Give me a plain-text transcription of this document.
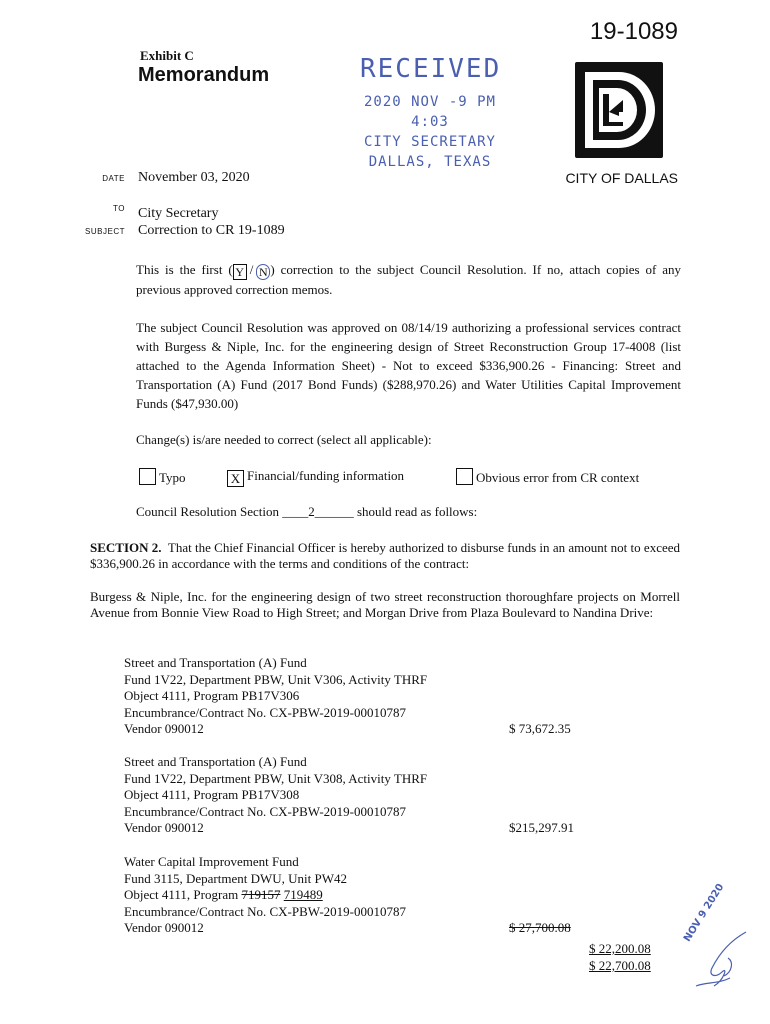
19-1089
Exhibit C
Memorandum	RECEIVED
2020 NOV -9 PM 4:03
CITY SECRETARY
DALLAS, TEXAS
DATE November 03, 2020	CITY OF DALLAS
TO City Secretary
SUBJECT Correction to CR 19-1089
This is the first ( Y / N ) correction to the subject Council Resolution. If no, attach copies of any previous approved correction memos.
The subject Council Resolution was approved on 08/14/19 authorizing a professional services contract with Burgess & Niple, Inc. for the engineering design of Street Reconstruction Group 17-4008 (list attached to the Agenda Information Sheet) - Not to exceed $336,900.26 - Financing: Street and Transportation (A) Fund (2017 Bond Funds) ($288,970.26) and Water Utilities Capital Improvement Funds ($47,930.00)
Change(s) is/are needed to correct (select all applicable):
Typo	X Financial/funding information	Obvious error from CR context
Council Resolution Section ____2______ should read as follows:
SECTION 2. That the Chief Financial Officer is hereby authorized to disburse funds in an amount not to exceed $336,900.26 in accordance with the terms and conditions of the contract:
Burgess & Niple, Inc. for the engineering design of two street reconstruction thoroughfare projects on Morrell Avenue from Bonnie View Road to High Street; and Morgan Drive from Plaza Boulevard to Nandina Drive:
Street and Transportation (A) Fund
Fund 1V22, Department PBW, Unit V306, Activity THRF
Object 4111, Program PB17V306
Encumbrance/Contract No. CX-PBW-2019-00010787
Vendor 090012	$ 73,672.35
Street and Transportation (A) Fund
Fund 1V22, Department PBW, Unit V308, Activity THRF
Object 4111, Program PB17V308
Encumbrance/Contract No. CX-PBW-2019-00010787
Vendor 090012	$215,297.91
Water Capital Improvement Fund
Fund 3115, Department DWU, Unit PW42
Object 4111, Program 719157 719489
Encumbrance/Contract No. CX-PBW-2019-00010787
Vendor 090012	$ 27,700.08
$ 22,200.08
$ 22,700.08
NOV 9 2020
